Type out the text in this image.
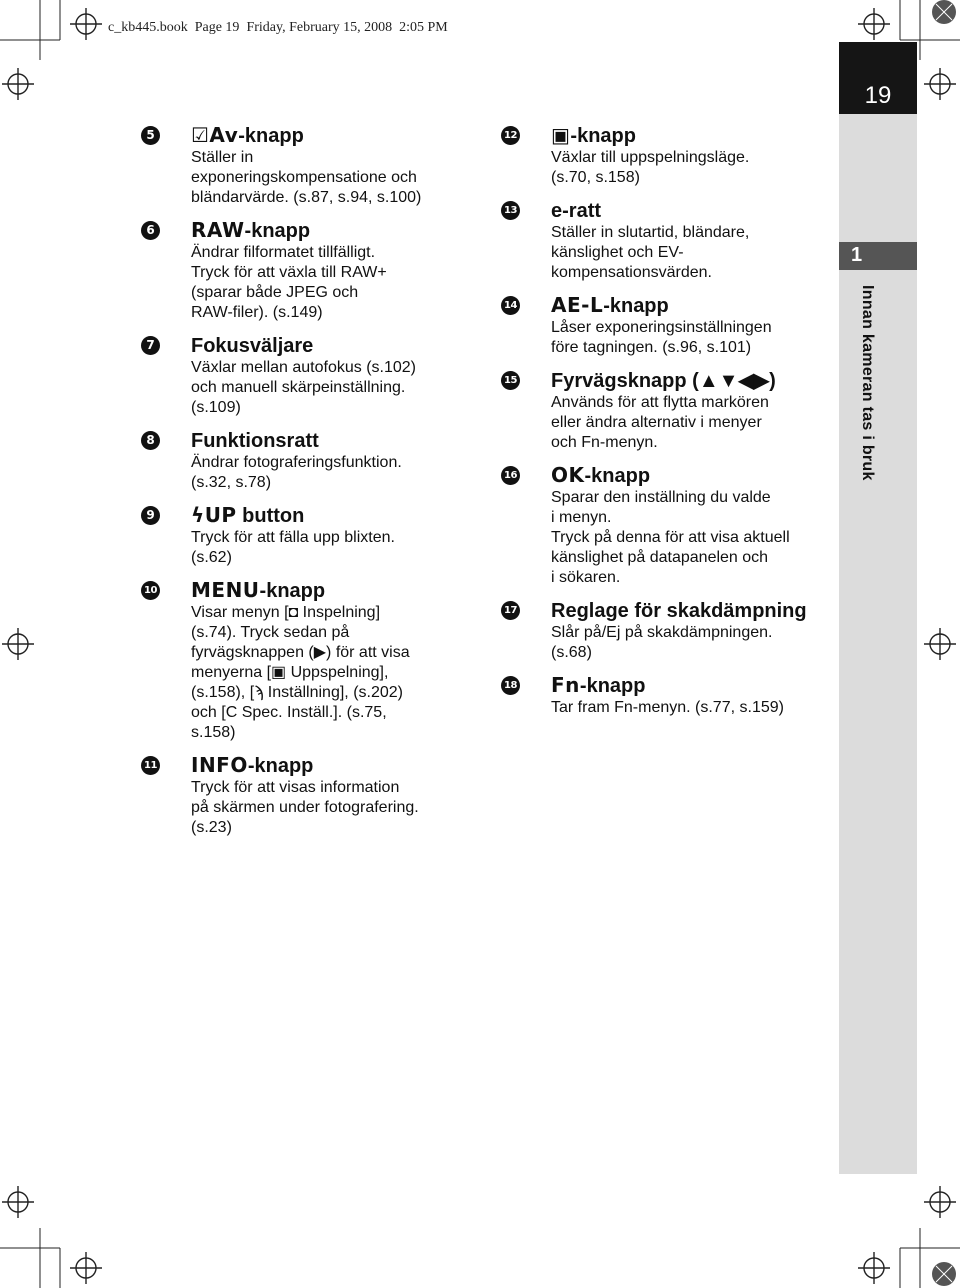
c_kb445.book Page 19 Friday, February 15, 2008 2:05 PM
19
1
Innan kameran tas i bruk
5 ☑Av-knapp
Ställer in
exponeringskompensatione och
bländarvärde. (s.87, s.94, s.100)
6 RAW-knapp
Ändrar filformatet tillfälligt.
Tryck för att växla till RAW+
(sparar både JPEG och
RAW-filer). (s.149)
7 Fokusväljare
Växlar mellan autofokus (s.102)
och manuell skärpeinställning.
(s.109)
8 Funktionsratt
Ändrar fotograferingsfunktion.
(s.32, s.78)
9 ϟUP button
Tryck för att fälla upp blixten.
(s.62)
10 MENU-knapp
Visar menyn [◘ Inspelning]
(s.74). Tryck sedan på
fyrvägsknappen (▶) för att visa
menyerna [▣ Uppspelning],
(s.158), [ϡ Inställning], (s.202)
och [C Spec. Inställ.]. (s.75,
s.158)
11 INFO-knapp
Tryck för att visas information
på skärmen under fotografering.
(s.23)
12 ▣-knapp
Växlar till uppspelningsläge.
(s.70, s.158)
13 e-ratt
Ställer in slutartid, bländare,
känslighet och EV-
kompensationsvärden.
14 AE-L-knapp
Låser exponeringsinställningen
före tagningen. (s.96, s.101)
15 Fyrvägsknapp (▲▼◀▶)
Används för att flytta markören
eller ändra alternativ i menyer
och Fn-menyn.
16 OK-knapp
Sparar den inställning du valde
i menyn.
Tryck på denna för att visa aktuell
känslighet på datapanelen och
i sökaren.
17 Reglage för skakdämpning
Slår på/Ej på skakdämpningen.
(s.68)
18 Fn-knapp
Tar fram Fn-menyn. (s.77, s.159)
